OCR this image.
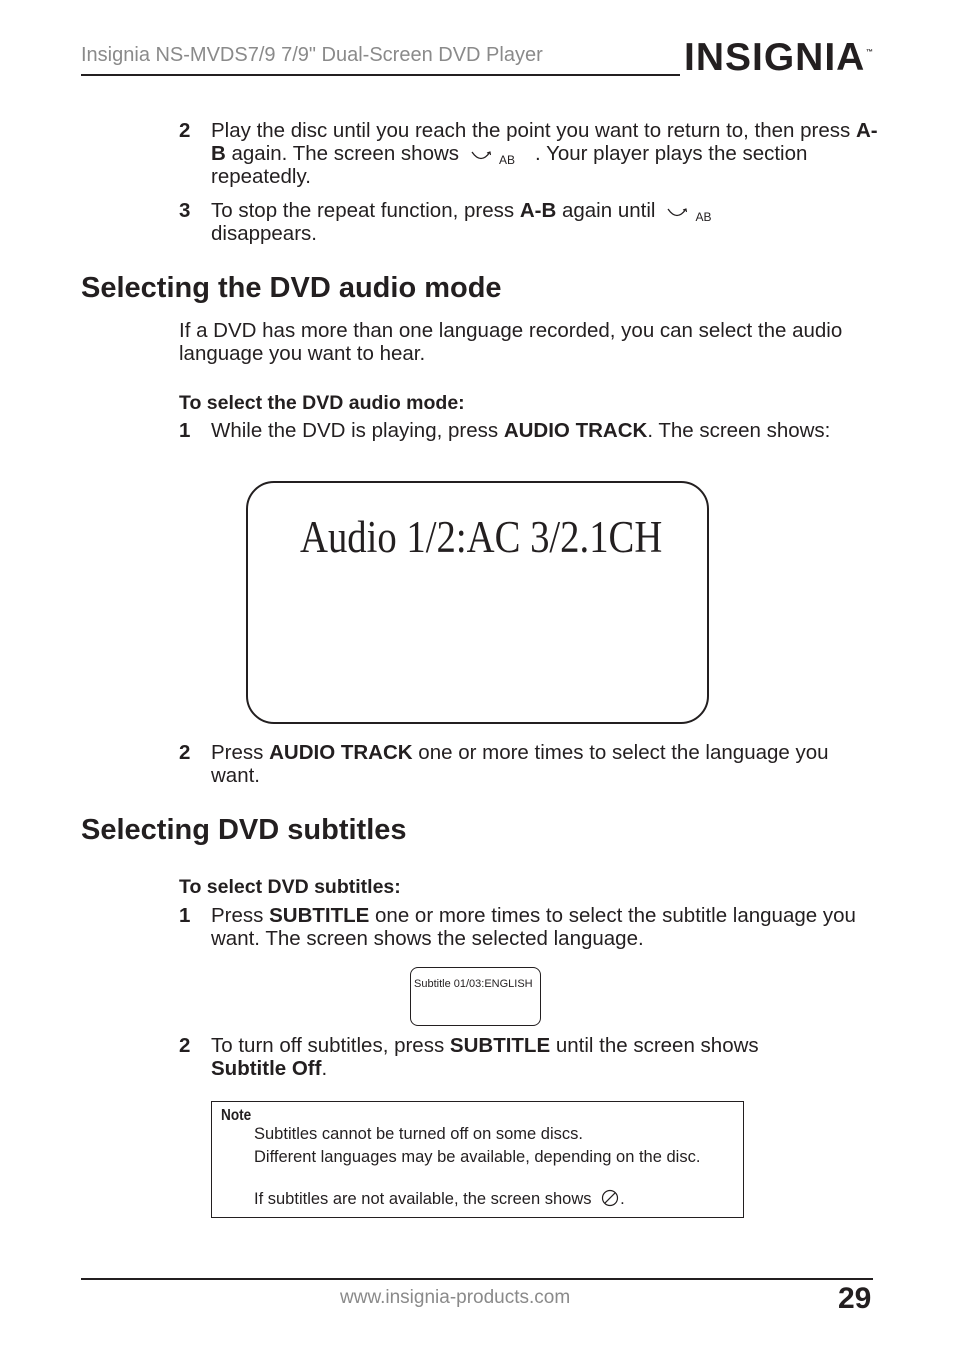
Insignia NS-MVDS7/9 7/9" Dual-Screen DVD Player	INSIGNIA ™
2 Play the disc until you reach the point you want to return to, then press A-B again. The screen shows	AB . Your player plays the section repeatedly.
3 To stop the repeat function, press A-B again until	AB

disappears.
Selecting the DVD audio mode
If a DVD has more than one language recorded, you can select the audio language you want to hear.
To select the DVD audio mode:
1 While the DVD is playing, press AUDIO TRACK. The screen shows:
Audio 1/2:AC 3/2.1CH
2 Press AUDIO TRACK one or more times to select the language you want.
Selecting DVD subtitles
To select DVD subtitles:
1 Press SUBTITLE one or more times to select the subtitle language you want. The screen shows the selected language.
Subtitle 01/03:ENGLISH
2 To turn off subtitles, press SUBTITLE until the screen shows
Subtitle Off.
Note
Subtitles cannot be turned off on some discs.
Different languages may be available, depending on the disc.
If subtitles are not available, the screen shows .
www.insignia-products.com	29
